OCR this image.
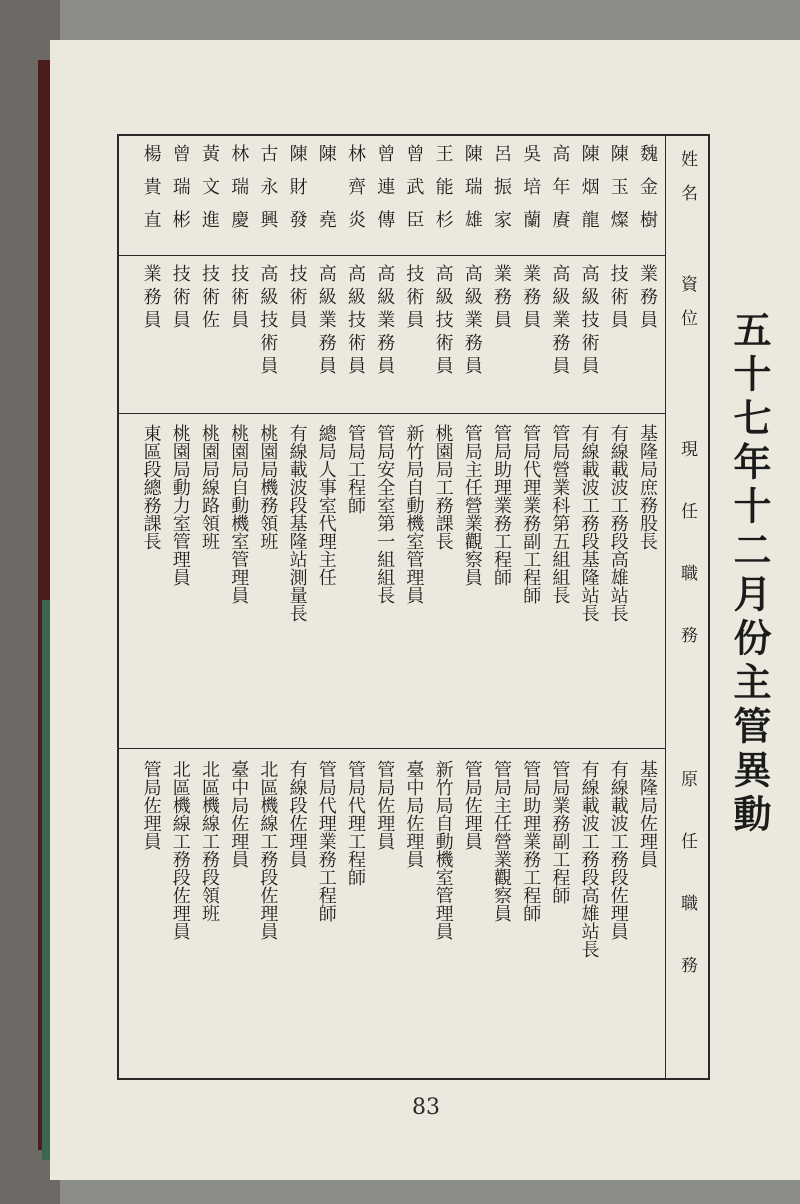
五十七年十二月份主管異動
姓　名
資　位
現　任　職　務
原　任　職　務
魏金樹
業務員
基隆局庶務股長
基隆局佐理員
陳玉燦
技術員
有線載波工務段高雄站長
有線載波工務段佐理員
陳烟龍
高級技術員
有線載波工務段基隆站長
有線載波工務段高雄站長
高年賡
高級業務員
管局營業科第五組組長
管局業務副工程師
吳培蘭
業務員
管局代理業務副工程師
管局助理業務工程師
呂振家
業務員
管局助理業務工程師
管局主任營業觀察員
陳瑞雄
高級業務員
管局主任營業觀察員
管局佐理員
王能杉
高級技術員
桃園局工務課長
新竹局自動機室管理員
曾武臣
技術員
新竹局自動機室管理員
臺中局佐理員
曾連傳
高級業務員
管局安全室第一組組長
管局佐理員
林齊炎
高級技術員
管局工程師
管局代理工程師
陳　堯
高級業務員
總局人事室代理主任
管局代理業務工程師
陳財發
技術員
有線載波段基隆站測量長
有線段佐理員
古永興
高級技術員
桃園局機務領班
北區機線工務段佐理員
林瑞慶
技術員
桃園局自動機室管理員
臺中局佐理員
黃文進
技術佐
桃園局線路領班
北區機線工務段領班
曾瑞彬
技術員
桃園局動力室管理員
北區機線工務段佐理員
楊貴直
業務員
東區段總務課長
管局佐理員
83
